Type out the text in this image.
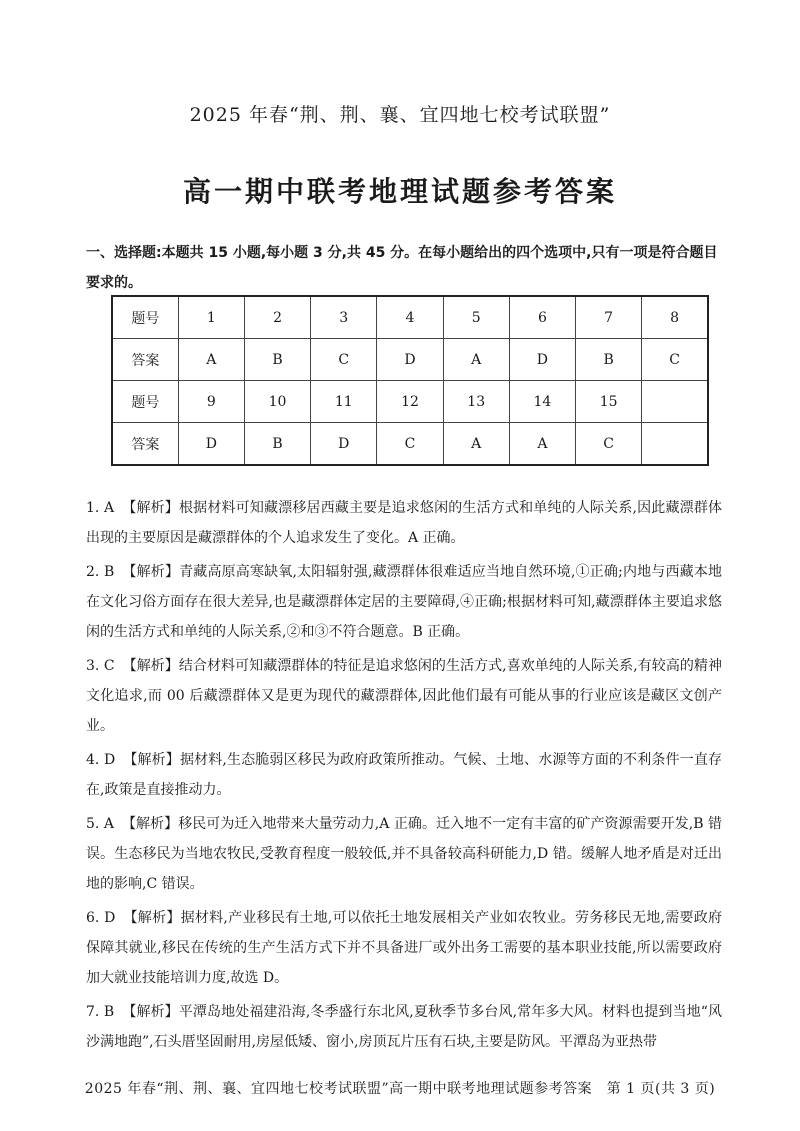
2025 年春“荆、荆、襄、宜四地七校考试联盟”
高一期中联考地理试题参考答案
一、选择题:本题共 15 小题,每小题 3 分,共 45 分。在每小题给出的四个选项中,只有一项是符合题目要求的。
题号	1	2	3	4	5	6	7	8
答案	A	B	C	D	A	D	B	C
题号	9	10	11	12	13	14	15	
答案	D	B	D	C	A	A	C	
1. A 【解析】根据材料可知藏漂移居西藏主要是追求悠闲的生活方式和单纯的人际关系,因此藏漂群体出现的主要原因是藏漂群体的个人追求发生了变化。A 正确。
2. B 【解析】青藏高原高寒缺氧,太阳辐射强,藏漂群体很难适应当地自然环境,①正确;内地与西藏本地在文化习俗方面存在很大差异,也是藏漂群体定居的主要障碍,④正确;根据材料可知,藏漂群体主要追求悠闲的生活方式和单纯的人际关系,②和③不符合题意。B 正确。
3. C 【解析】结合材料可知藏漂群体的特征是追求悠闲的生活方式,喜欢单纯的人际关系,有较高的精神文化追求,而 00 后藏漂群体又是更为现代的藏漂群体,因此他们最有可能从事的行业应该是藏区文创产业。
4. D 【解析】据材料,生态脆弱区移民为政府政策所推动。气候、土地、水源等方面的不利条件一直存在,政策是直接推动力。
5. A 【解析】移民可为迁入地带来大量劳动力,A 正确。迁入地不一定有丰富的矿产资源需要开发,B 错误。生态移民为当地农牧民,受教育程度一般较低,并不具备较高科研能力,D 错。缓解人地矛盾是对迁出地的影响,C 错误。
6. D 【解析】据材料,产业移民有土地,可以依托土地发展相关产业如农牧业。劳务移民无地,需要政府保障其就业,移民在传统的生产生活方式下并不具备进厂或外出务工需要的基本职业技能,所以需要政府加大就业技能培训力度,故选 D。
7. B 【解析】平潭岛地处福建沿海,冬季盛行东北风,夏秋季节多台风,常年多大风。材料也提到当地“风沙满地跑”,石头厝坚固耐用,房屋低矮、窗小,房顶瓦片压有石块,主要是防风。平潭岛为亚热带
2025 年春“荆、荆、襄、宜四地七校考试联盟”高一期中联考地理试题参考答案　第 1 页(共 3 页)
